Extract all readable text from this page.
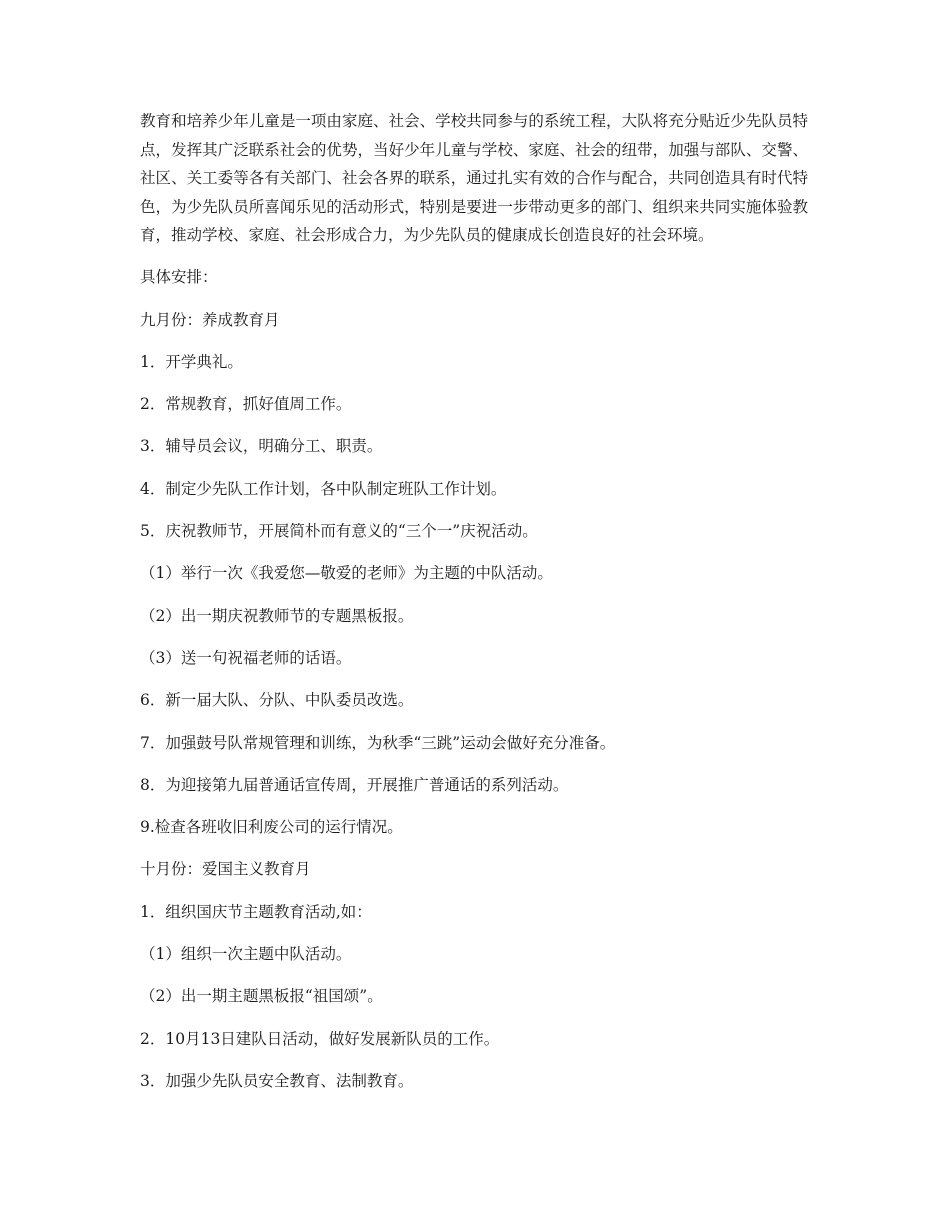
教育和培养少年儿童是一项由家庭、社会、学校共同参与的系统工程，大队将充分贴近少先队员特点，发挥其广泛联系社会的优势，当好少年儿童与学校、家庭、社会的纽带，加强与部队、交警、社区、关工委等各有关部门、社会各界的联系，通过扎实有效的合作与配合，共同创造具有时代特色，为少先队员所喜闻乐见的活动形式，特别是要进一步带动更多的部门、组织来共同实施体验教育，推动学校、家庭、社会形成合力，为少先队员的健康成长创造良好的社会环境。

具体安排：

九月份：养成教育月

1．开学典礼。

2．常规教育，抓好值周工作。

3．辅导员会议，明确分工、职责。

4．制定少先队工作计划，各中队制定班队工作计划。

5．庆祝教师节，开展简朴而有意义的“三个一”庆祝活动。

（1）举行一次《我爱您—敬爱的老师》为主题的中队活动。

（2）出一期庆祝教师节的专题黑板报。

（3）送一句祝福老师的话语。

6．新一届大队、分队、中队委员改选。

7．加强鼓号队常规管理和训练，为秋季“三跳”运动会做好充分准备。

8．为迎接第九届普通话宣传周，开展推广普通话的系列活动。

9.检查各班收旧利废公司的运行情况。

十月份：爱国主义教育月

1．组织国庆节主题教育活动,如：

（1）组织一次主题中队活动。

（2）出一期主题黑板报“祖国颂”。

2．10月13日建队日活动，做好发展新队员的工作。

3．加强少先队员安全教育、法制教育。
